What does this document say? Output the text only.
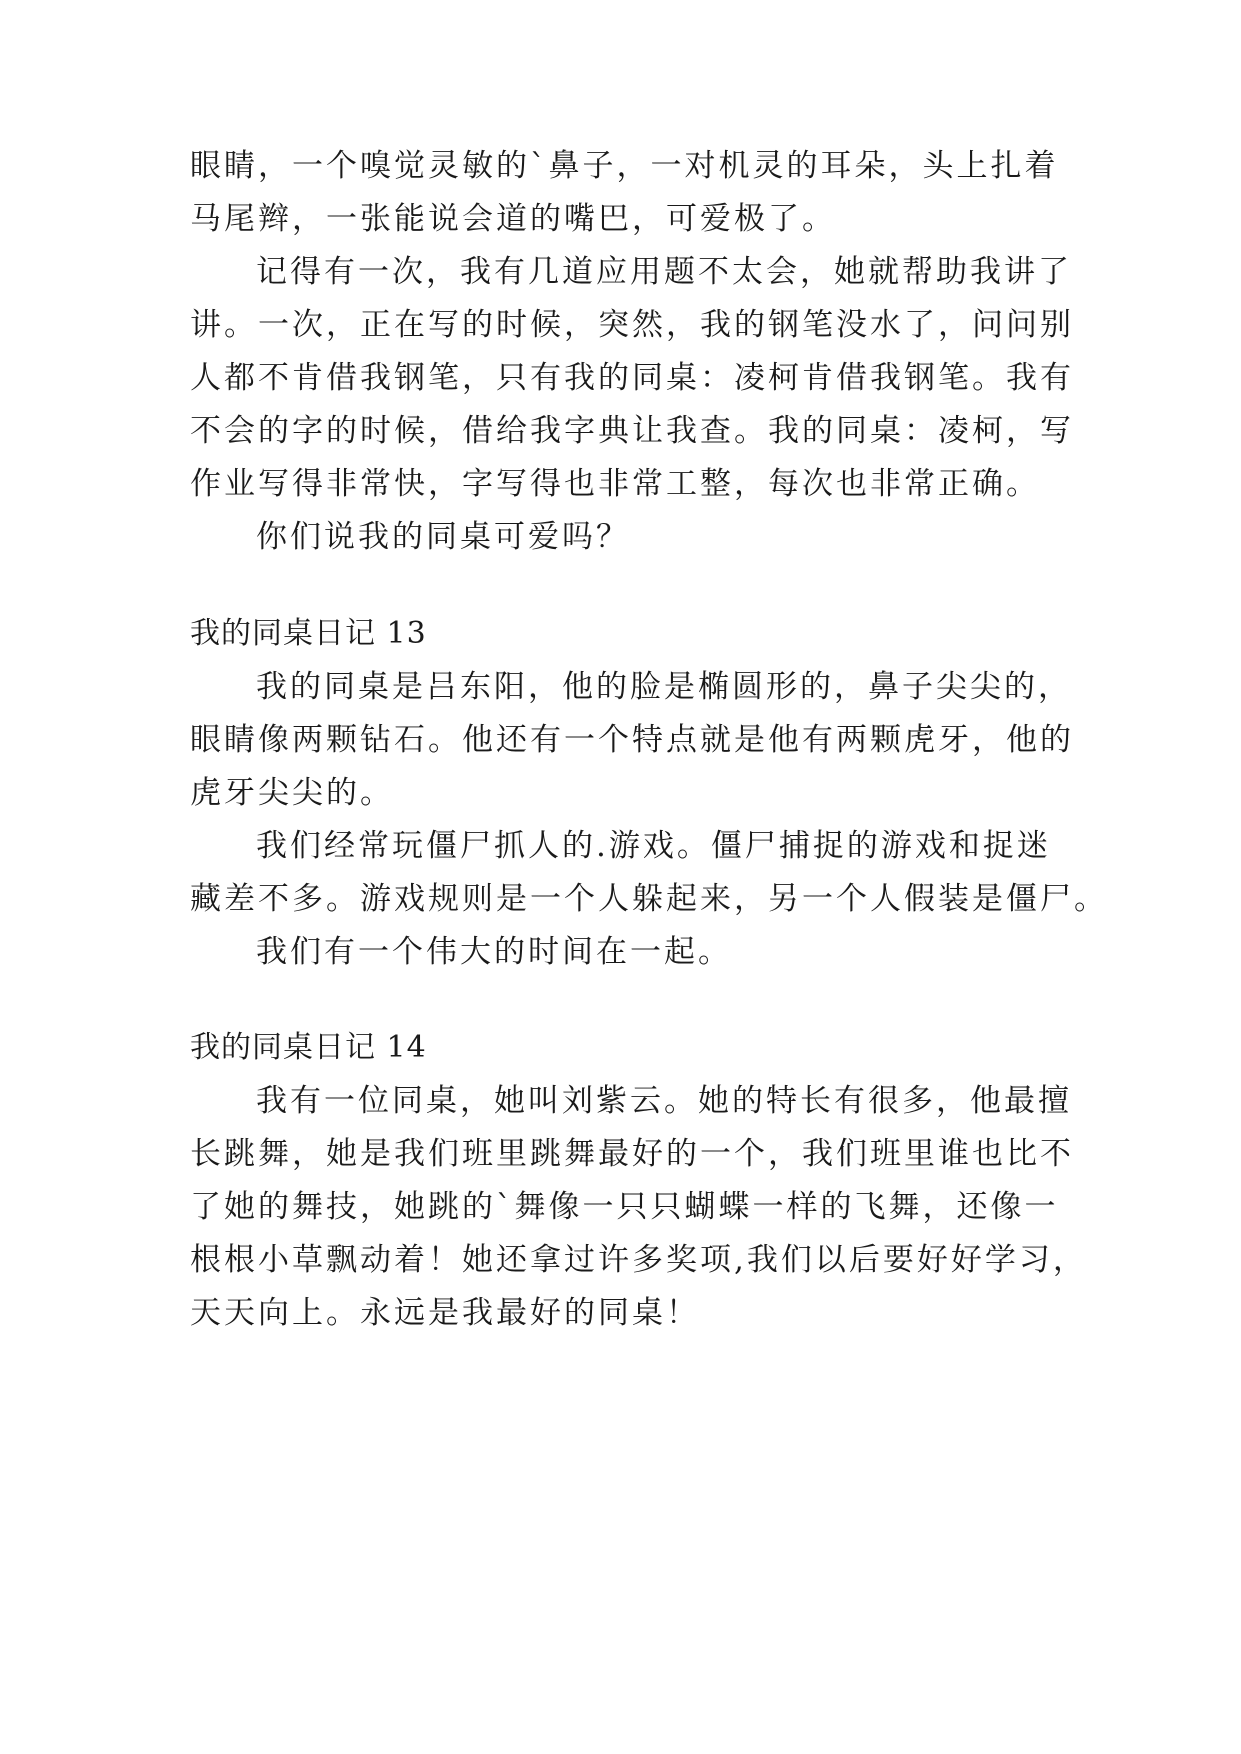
眼睛，一个嗅觉灵敏的`鼻子，一对机灵的耳朵，头上扎着
马尾辫，一张能说会道的嘴巴，可爱极了。
记得有一次，我有几道应用题不太会，她就帮助我讲了
讲。一次，正在写的时候，突然，我的钢笔没水了，问问别
人都不肯借我钢笔，只有我的同桌：凌柯肯借我钢笔。我有
不会的字的时候，借给我字典让我查。我的同桌：凌柯，写
作业写得非常快，字写得也非常工整，每次也非常正确。
你们说我的同桌可爱吗？
我的同桌日记 13
我的同桌是吕东阳，他的脸是椭圆形的，鼻子尖尖的，
眼睛像两颗钻石。他还有一个特点就是他有两颗虎牙，他的
虎牙尖尖的。
我们经常玩僵尸抓人的.游戏。僵尸捕捉的游戏和捉迷
藏差不多。游戏规则是一个人躲起来，另一个人假装是僵尸。
我们有一个伟大的时间在一起。
我的同桌日记 14
我有一位同桌，她叫刘紫云。她的特长有很多，他最擅
长跳舞，她是我们班里跳舞最好的一个，我们班里谁也比不
了她的舞技，她跳的`舞像一只只蝴蝶一样的飞舞，还像一
根根小草飘动着！她还拿过许多奖项,我们以后要好好学习，
天天向上。永远是我最好的同桌！
